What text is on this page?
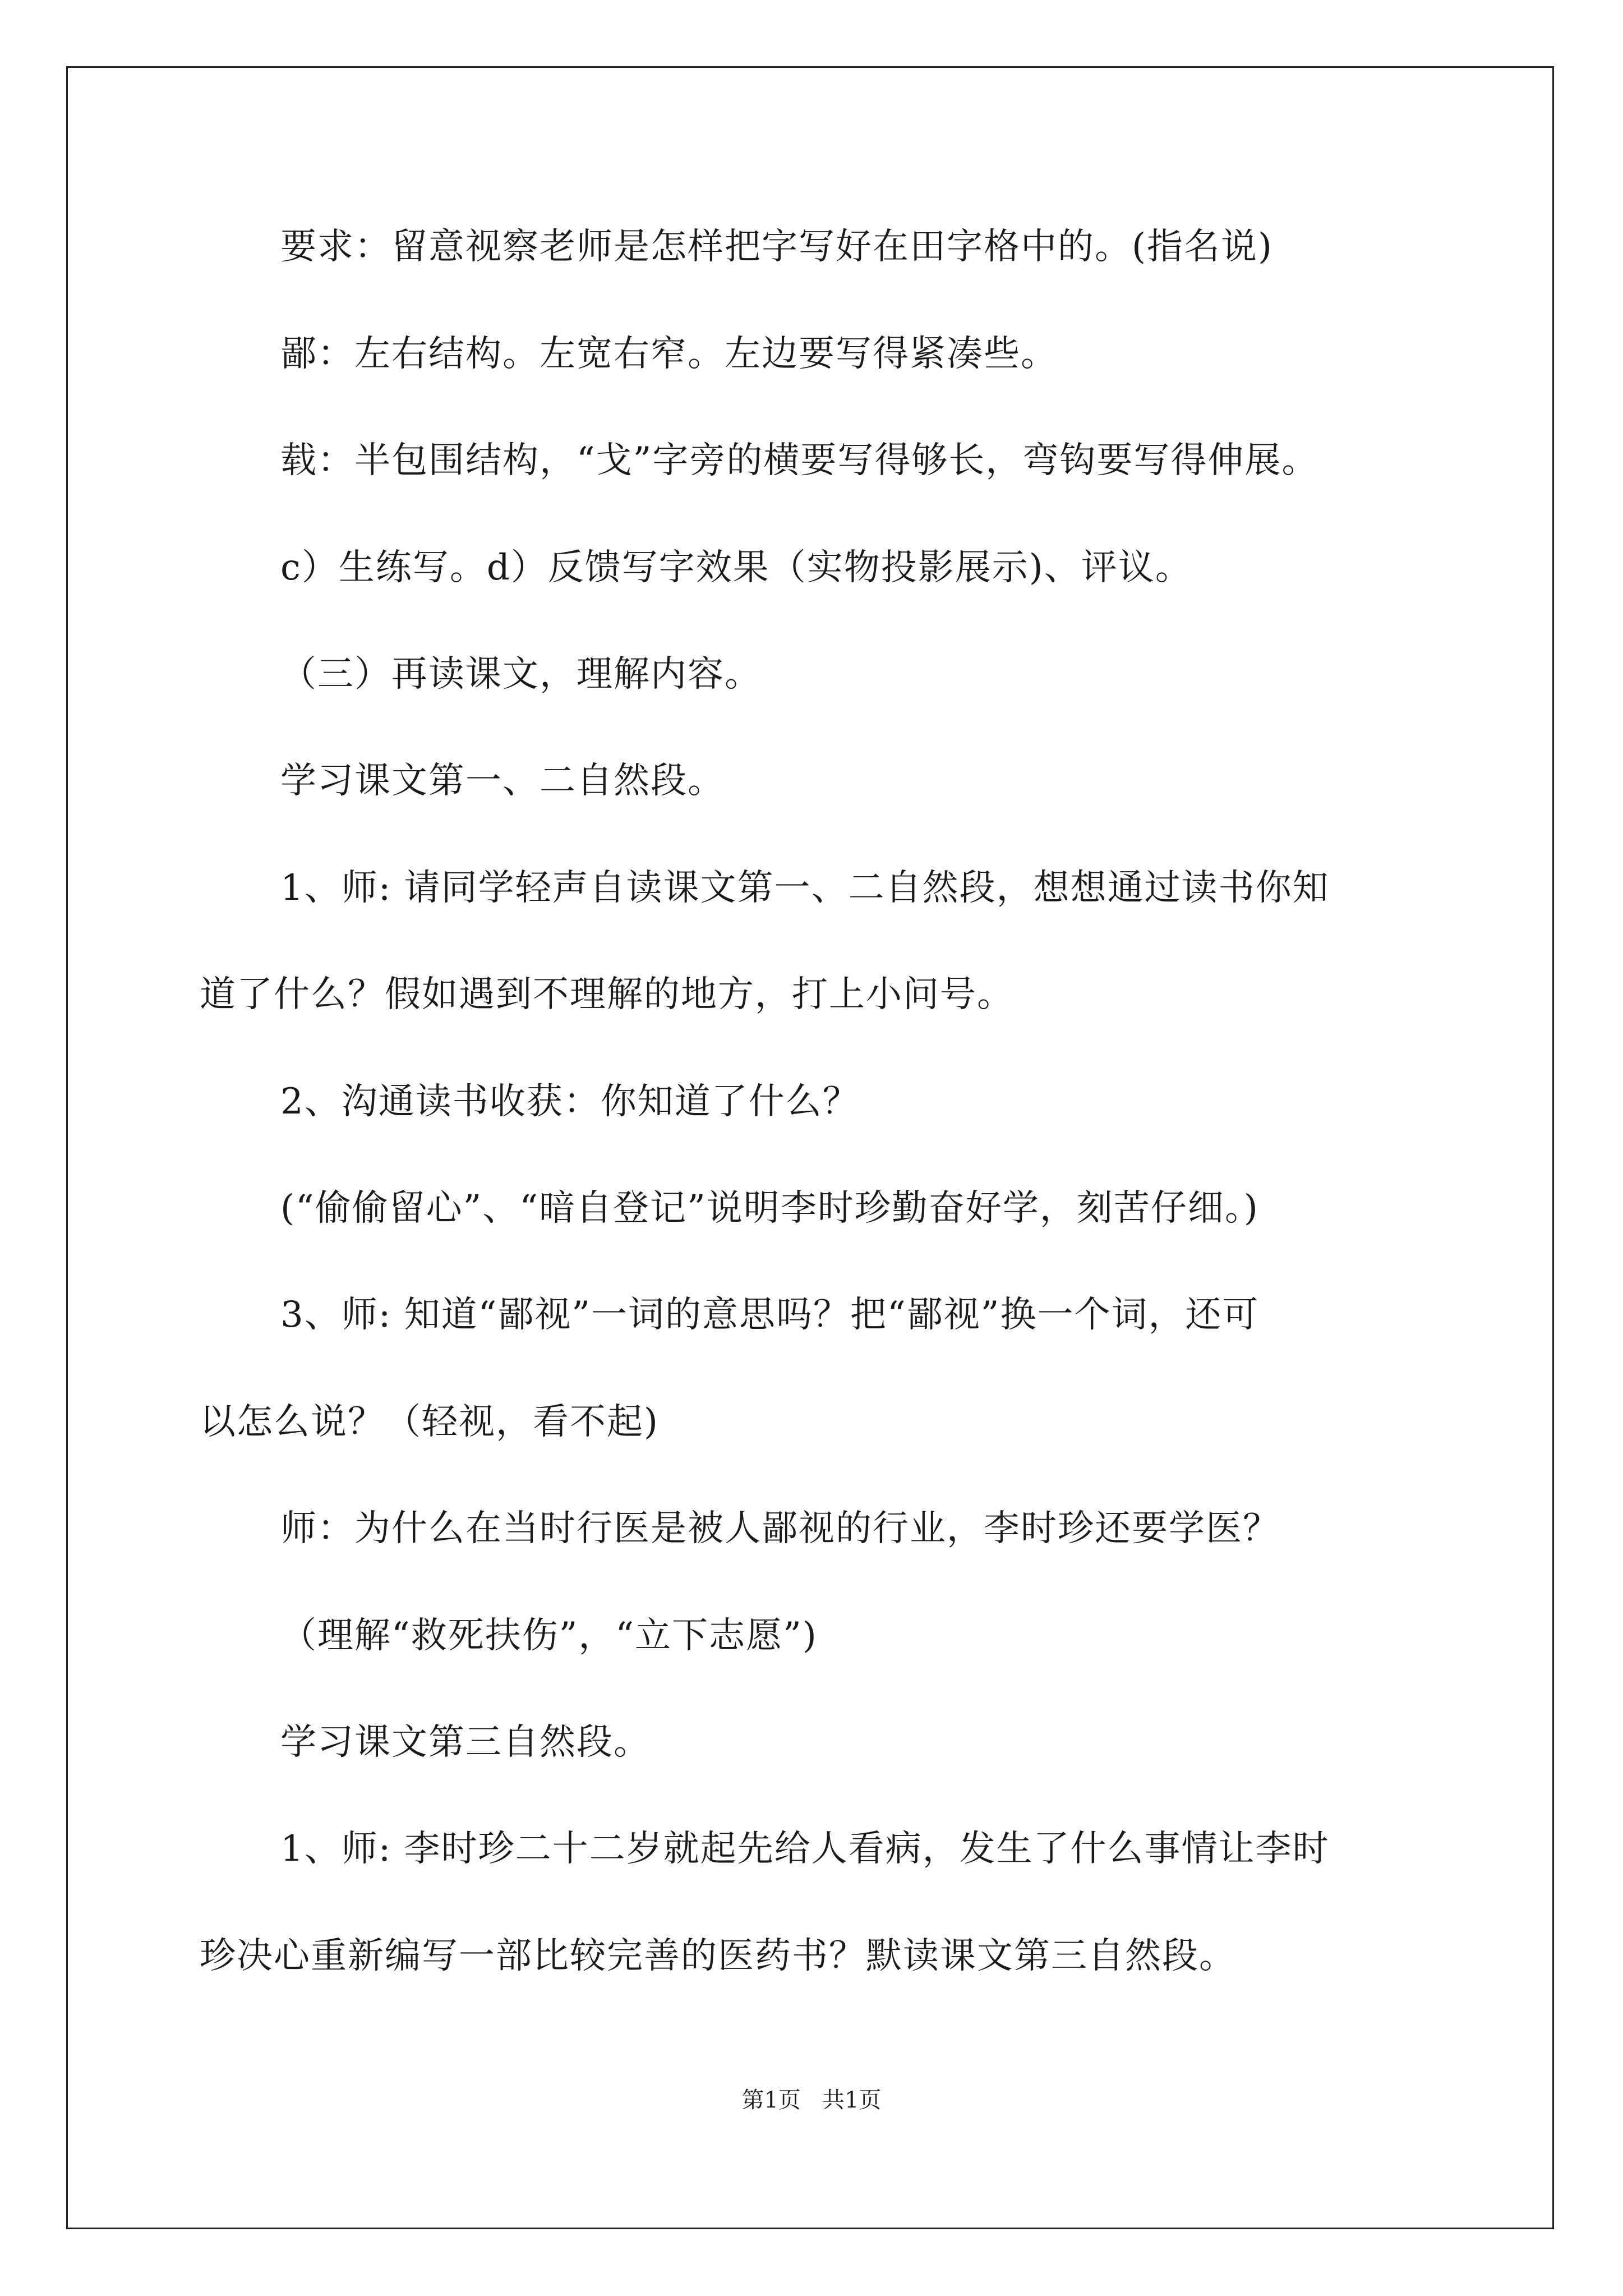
要求：留意视察老师是怎样把字写好在田字格中的。(指名说)

鄙：左右结构。左宽右窄。左边要写得紧凑些。

载：半包围结构，“戈”字旁的横要写得够长，弯钩要写得伸展。

c）生练写。d）反馈写字效果（实物投影展示)、评议。

（三）再读课文，理解内容。

学习课文第一、二自然段。

1、师: 请同学轻声自读课文第一、二自然段，想想通过读书你知

道了什么？假如遇到不理解的地方，打上小问号。

2、沟通读书收获：你知道了什么？

(“偷偷留心”、“暗自登记”说明李时珍勤奋好学，刻苦仔细。)

3、师: 知道“鄙视”一词的意思吗？把“鄙视”换一个词，还可

以怎么说？（轻视，看不起)

师：为什么在当时行医是被人鄙视的行业，李时珍还要学医？

（理解“救死扶伤”，“立下志愿”)

学习课文第三自然段。

1、师: 李时珍二十二岁就起先给人看病，发生了什么事情让李时

珍决心重新编写一部比较完善的医药书？默读课文第三自然段。

第1页   共1页
